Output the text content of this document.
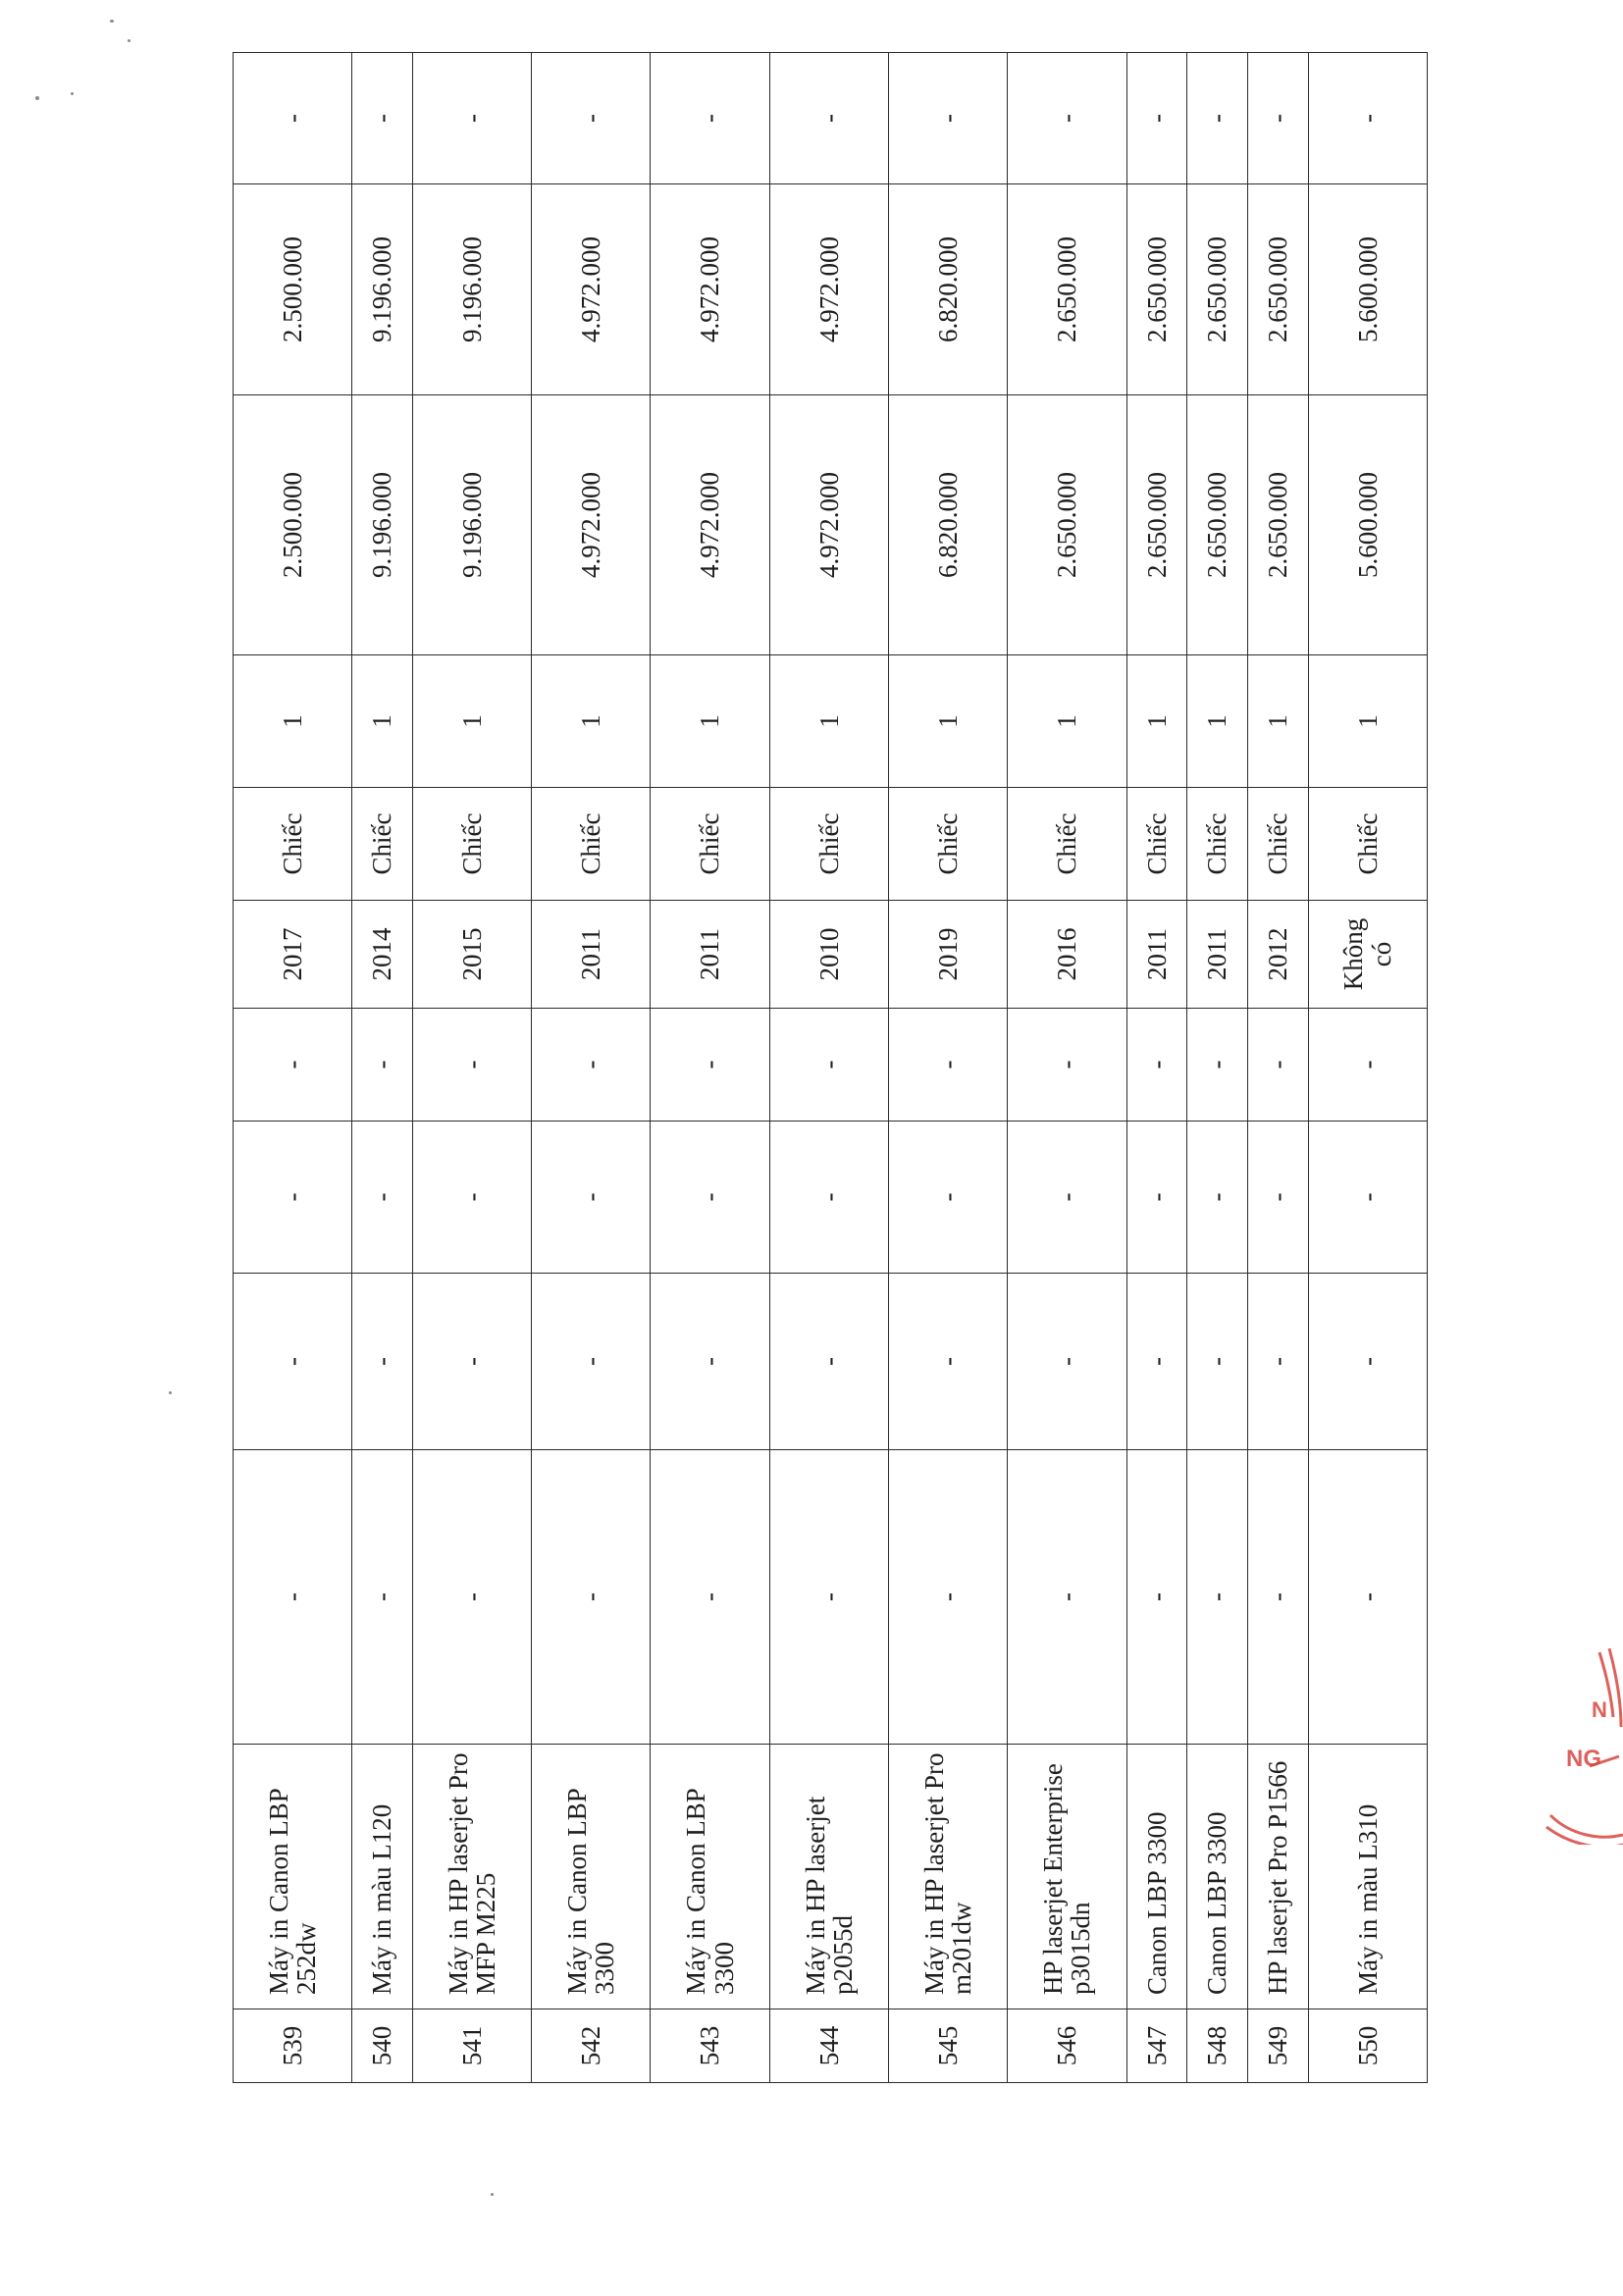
539	Máy in Canon LBP 252dw	-	-	-	-	2017	Chiếc	1	2.500.000	2.500.000	-
540	Máy in màu L120	-	-	-	-	2014	Chiếc	1	9.196.000	9.196.000	-
541	Máy in HP laserjet Pro MFP M225	-	-	-	-	2015	Chiếc	1	9.196.000	9.196.000	-
542	Máy in Canon LBP 3300	-	-	-	-	2011	Chiếc	1	4.972.000	4.972.000	-
543	Máy in Canon LBP 3300	-	-	-	-	2011	Chiếc	1	4.972.000	4.972.000	-
544	Máy in HP laserjet p2055d	-	-	-	-	2010	Chiếc	1	4.972.000	4.972.000	-
545	Máy in HP laserjet Pro m201dw	-	-	-	-	2019	Chiếc	1	6.820.000	6.820.000	-
546	HP laserjet Enterprise p3015dn	-	-	-	-	2016	Chiếc	1	2.650.000	2.650.000	-
547	Canon LBP 3300	-	-	-	-	2011	Chiếc	1	2.650.000	2.650.000	-
548	Canon LBP 3300	-	-	-	-	2011	Chiếc	1	2.650.000	2.650.000	-
549	HP laserjet Pro P1566	-	-	-	-	2012	Chiếc	1	2.650.000	2.650.000	-
550	Máy in màu L310	-	-	-	-	Không có	Chiếc	1	5.600.000	5.600.000	-
N
NG
